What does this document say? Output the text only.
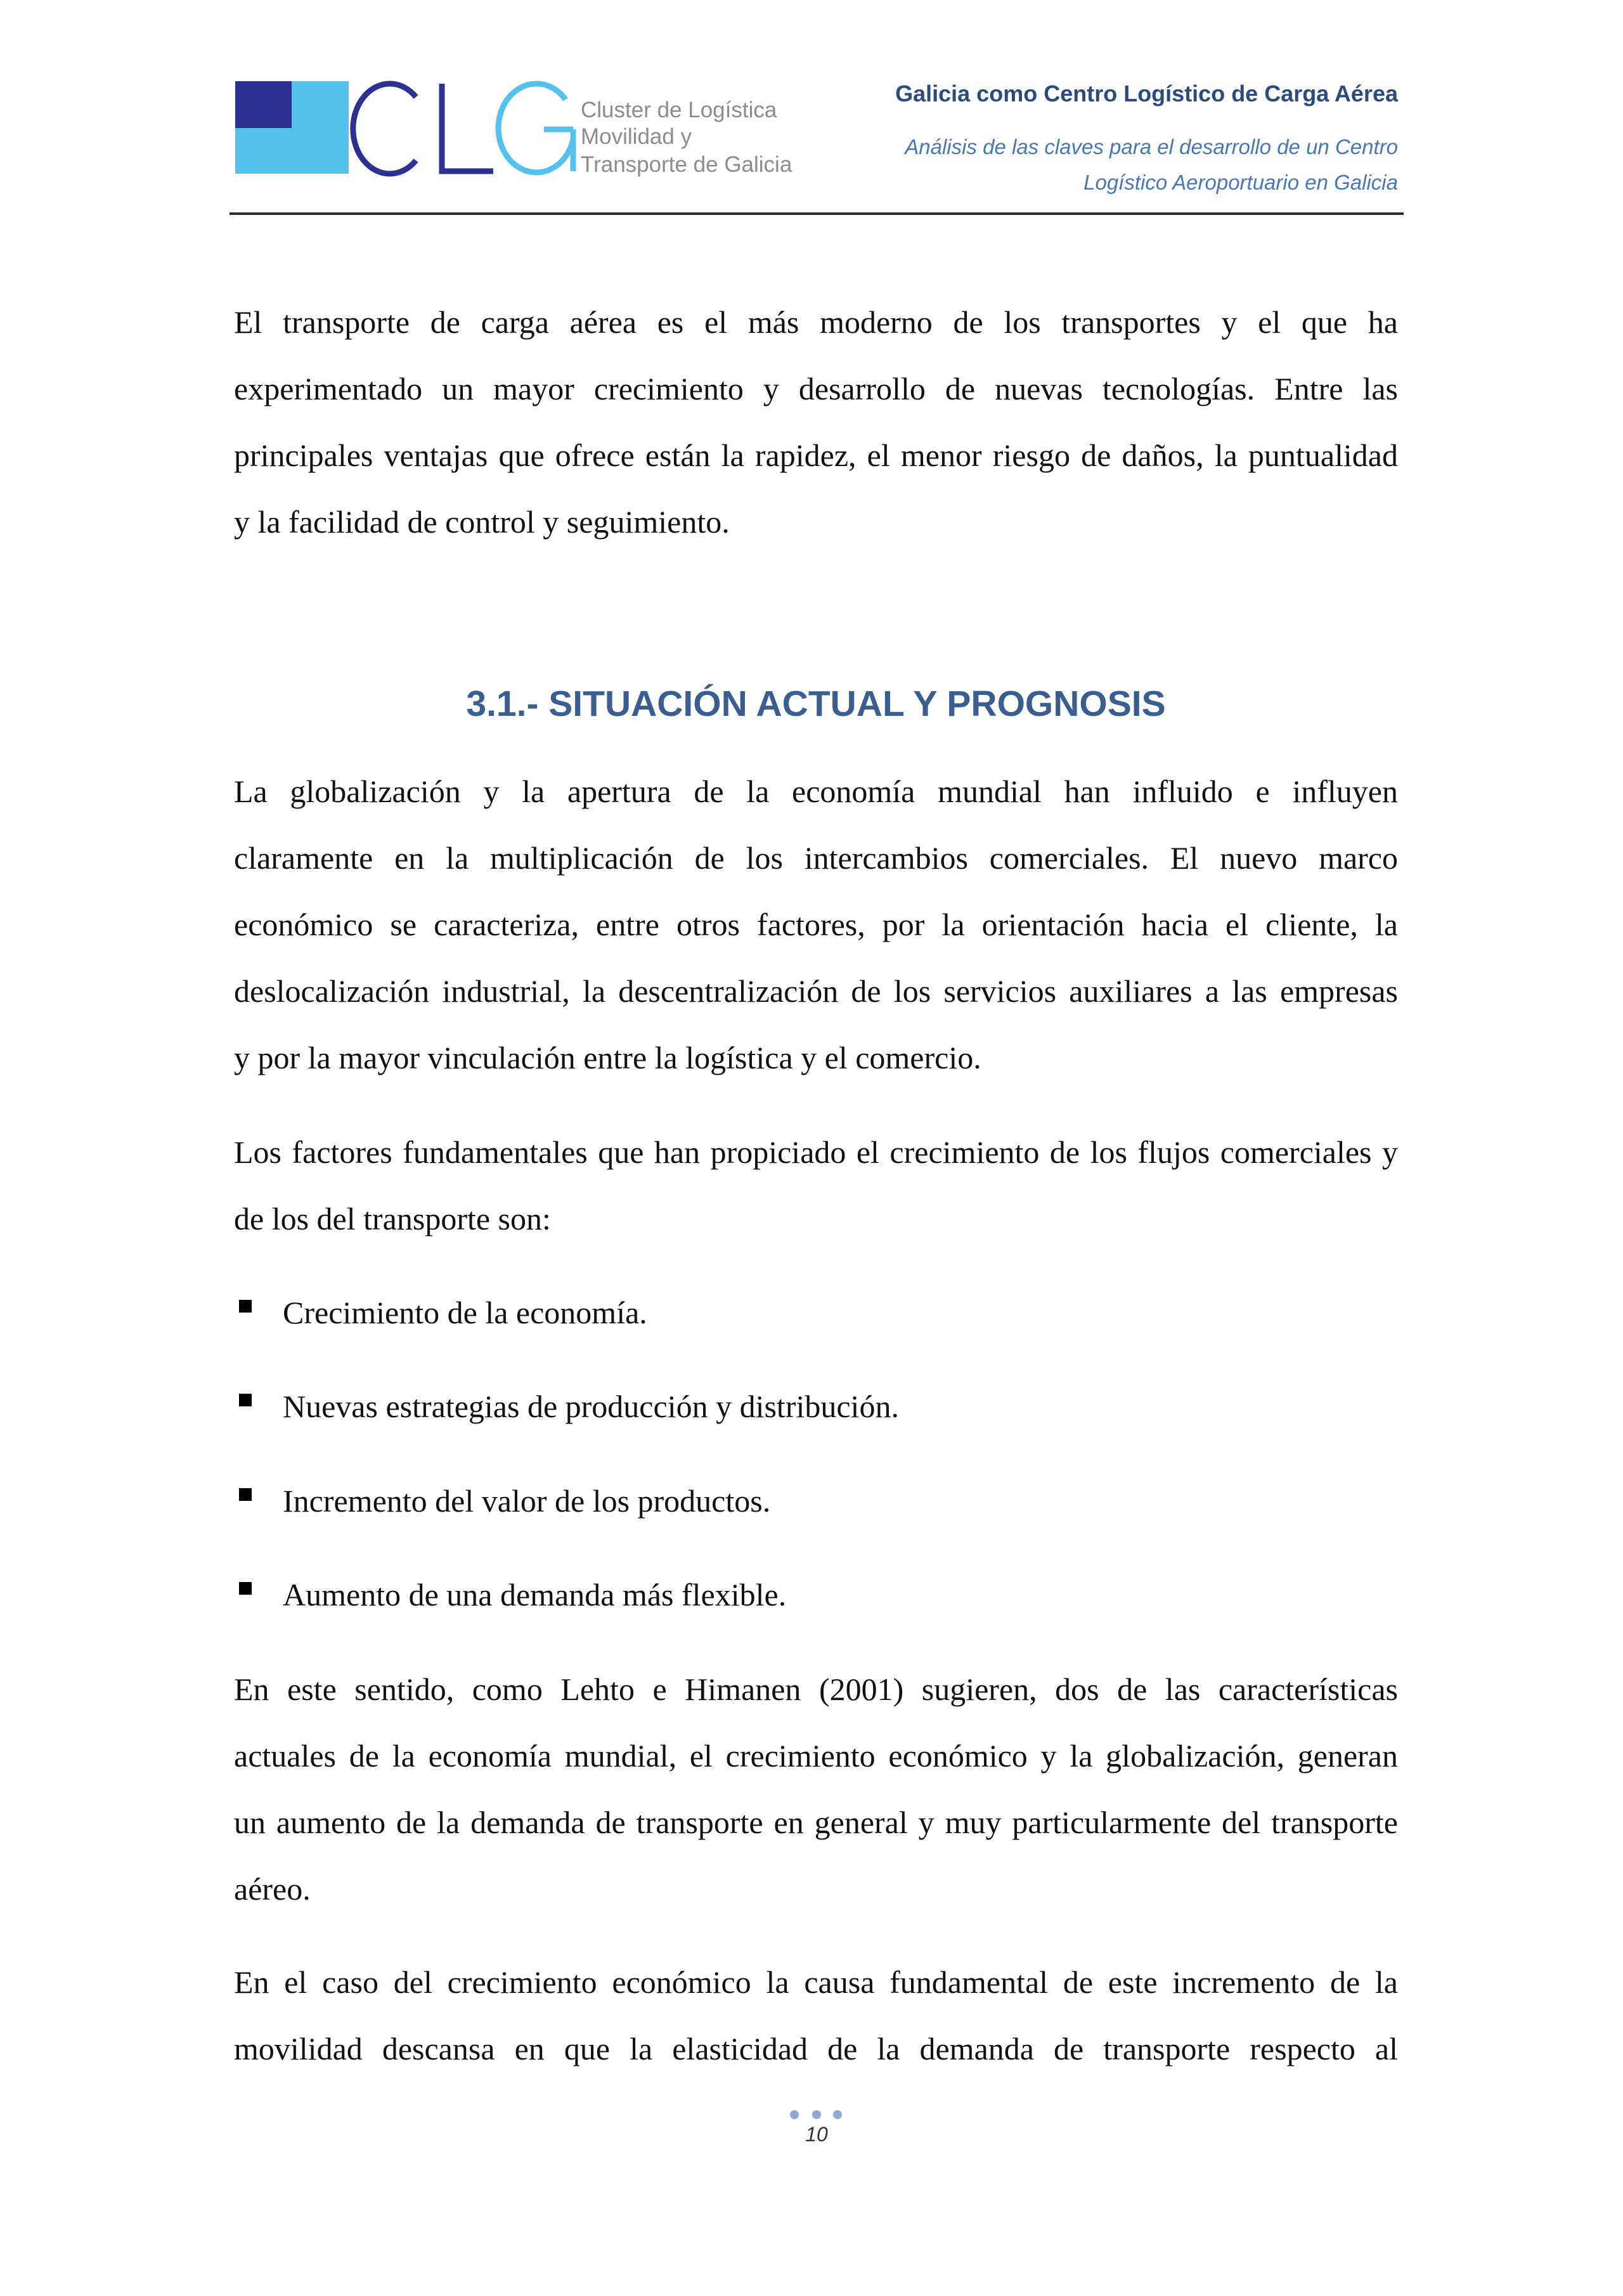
Cluster de Logística
Movilidad y
Transporte de Galicia
Galicia como Centro Logístico de Carga Aérea
Análisis de las claves para el desarrollo de un Centro
Logístico Aeroportuario en Galicia
El transporte de carga aérea es el más moderno de los transportes y el que ha
experimentado un mayor crecimiento y desarrollo de nuevas tecnologías. Entre las
principales ventajas que ofrece están la rapidez, el menor riesgo de daños, la puntualidad
y la facilidad de control y seguimiento.
3.1.- SITUACIÓN ACTUAL Y PROGNOSIS
La globalización y la apertura de la economía mundial han influido e influyen
claramente en la multiplicación de los intercambios comerciales. El nuevo marco
económico se caracteriza, entre otros factores, por la orientación hacia el cliente, la
deslocalización industrial, la descentralización de los servicios auxiliares a las empresas
y por la mayor vinculación entre la logística y el comercio.
Los factores fundamentales que han propiciado el crecimiento de los flujos comerciales y
de los del transporte son:
Crecimiento de la economía.
Nuevas estrategias de producción y distribución.
Incremento del valor de los productos.
Aumento de una demanda más flexible.
En este sentido, como Lehto e Himanen (2001) sugieren, dos de las características
actuales de la economía mundial, el crecimiento económico y la globalización, generan
un aumento de la demanda de transporte en general y muy particularmente del transporte
aéreo.
En el caso del crecimiento económico la causa fundamental de este incremento de la
movilidad descansa en que la elasticidad de la demanda de transporte respecto al
10
